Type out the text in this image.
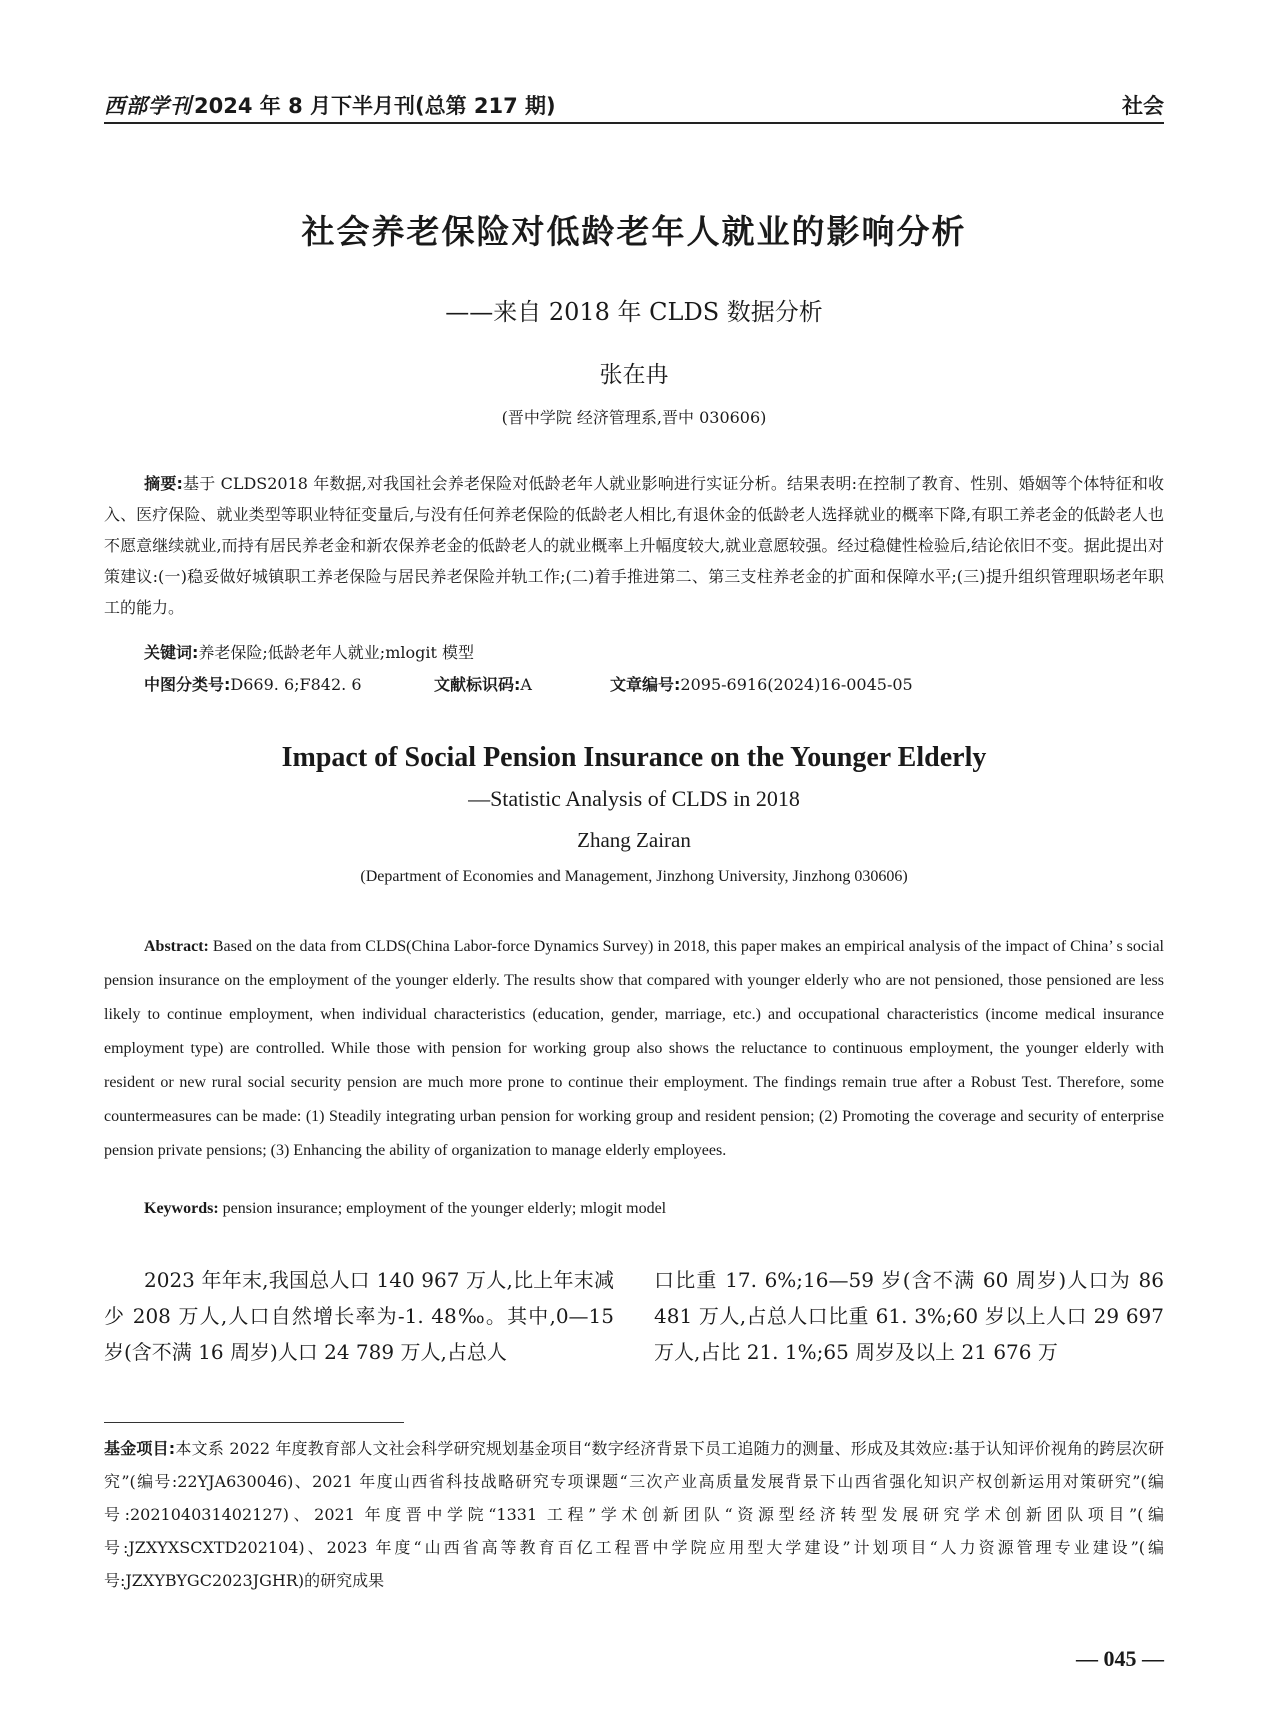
西部学刊2024 年 8 月下半月刊(总第 217 期)	社会
社会养老保险对低龄老年人就业的影响分析
——来自 2018 年 CLDS 数据分析
张在冉
(晋中学院 经济管理系,晋中 030606)
摘要:基于 CLDS2018 年数据,对我国社会养老保险对低龄老年人就业影响进行实证分析。结果表明:在控制了教育、性别、婚姻等个体特征和收入、医疗保险、就业类型等职业特征变量后,与没有任何养老保险的低龄老人相比,有退休金的低龄老人选择就业的概率下降,有职工养老金的低龄老人也不愿意继续就业,而持有居民养老金和新农保养老金的低龄老人的就业概率上升幅度较大,就业意愿较强。经过稳健性检验后,结论依旧不变。据此提出对策建议:(一)稳妥做好城镇职工养老保险与居民养老保险并轨工作;(二)着手推进第二、第三支柱养老金的扩面和保障水平;(三)提升组织管理职场老年职工的能力。
关键词:养老保险;低龄老年人就业;mlogit 模型
中图分类号:D669. 6;F842. 6	文献标识码:A	文章编号:2095-6916(2024)16-0045-05
Impact of Social Pension Insurance on the Younger Elderly
—Statistic Analysis of CLDS in 2018
Zhang Zairan
(Department of Economies and Management, Jinzhong University, Jinzhong 030606)
Abstract: Based on the data from CLDS(China Labor-force Dynamics Survey) in 2018, this paper makes an empirical analysis of the impact of China’ s social pension insurance on the employment of the younger elderly. The results show that compared with younger elderly who are not pensioned, those pensioned are less likely to continue employment, when individual characteristics (education, gender, marriage, etc.) and occupational characteristics (income medical insurance employment type) are controlled. While those with pension for working group also shows the reluctance to continuous employment, the younger elderly with resident or new rural social security pension are much more prone to continue their employment. The findings remain true after a Robust Test. Therefore, some countermeasures can be made: (1) Steadily integrating urban pension for working group and resident pension; (2) Promoting the coverage and security of enterprise pension private pensions; (3) Enhancing the ability of organization to manage elderly employees.
Keywords: pension insurance; employment of the younger elderly; mlogit model
2023 年年末,我国总人口 140 967 万人,比上年末减少 208 万人,人口自然增长率为-1. 48‰。其中,0—15 岁(含不满 16 周岁)人口 24 789 万人,占总人
口比重 17. 6%;16—59 岁(含不满 60 周岁)人口为 86 481 万人,占总人口比重 61. 3%;60 岁以上人口 29 697 万人,占比 21. 1%;65 周岁及以上 21 676 万
基金项目:本文系 2022 年度教育部人文社会科学研究规划基金项目“数字经济背景下员工追随力的测量、形成及其效应:基于认知评价视角的跨层次研究”(编号:22YJA630046)、2021 年度山西省科技战略研究专项课题“三次产业高质量发展背景下山西省强化知识产权创新运用对策研究”(编号:202104031402127)、2021 年度晋中学院“1331 工程”学术创新团队“资源型经济转型发展研究学术创新团队项目”(编号:JZXYXSCXTD202104)、2023 年度“山西省高等教育百亿工程晋中学院应用型大学建设”计划项目“人力资源管理专业建设”(编号:JZXYBYGC2023JGHR)的研究成果
— 045 —
